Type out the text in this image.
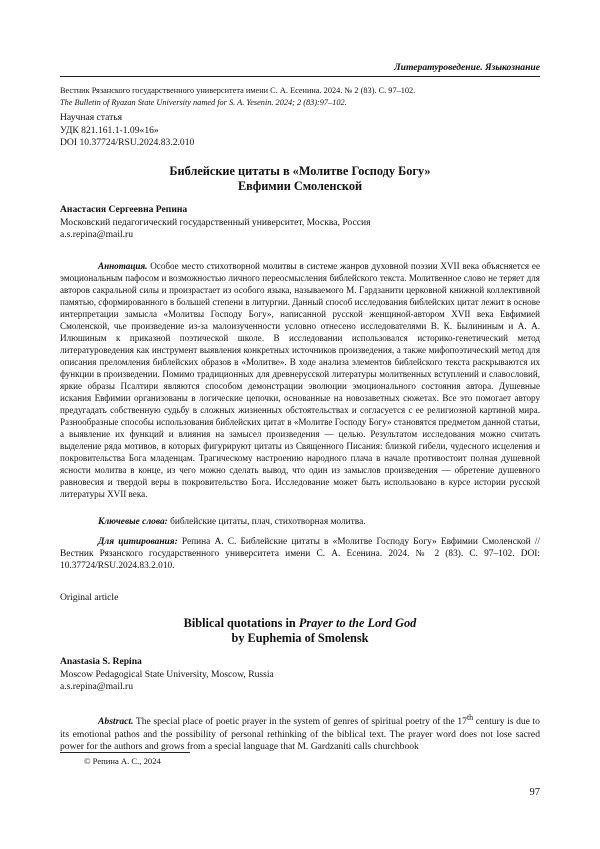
Литературоведение. Языкознание
Вестник Рязанского государственного университета имени С. А. Есенина. 2024. № 2 (83). С. 97–102.
The Bulletin of Ryazan State University named for S. A. Yesenin. 2024; 2 (83):97–102.
Научная статья
УДК 821.161.1-1.09«16»
DOI 10.37724/RSU.2024.83.2.010
Библейские цитаты в «Молитве Господу Богу»
Евфимии Смоленской
Анастасия Сергеевна Репина
Московский педагогический государственный университет, Москва, Россия
a.s.repina@mail.ru

Аннотация. Особое место стихотворной молитвы в системе жанров духовной поэзии XVII века объясняется ее эмоциональным пафосом и возможностью личного переосмысления библейского текста. Молитвенное слово не теряет для авторов сакральной силы и произрастает из особого языка, называемого М. Гардзанити церковной книжной коллективной памятью, сформированного в большей степени в литургии. Данный способ исследования библейских цитат лежит в основе интерпретации замысла «Молитвы Господу Богу», написанной русской женщиной-автором XVII века Евфимией Смоленской, чье произведение из-за малоизученности условно отнесено исследователями В. К. Былининым и А. А. Илюшиным к приказной поэтической школе. В исследовании использовался историко-генетический метод литературоведения как инструмент выявления конкретных источников произведения, а также мифопоэтический метод для описания преломления библейских образов в «Молитве». В ходе анализа элементов библейского текста раскрываются их функции в произведении. Помимо традиционных для древнерусской литературы молитвенных вступлений и славословий, яркие образы Псалтири являются способом демонстрации эволюции эмоционального состояния автора. Душевные искания Евфимии организованы в логические цепочки, основанные на новозаветных сюжетах. Все это помогает автору предугадать собственную судьбу в сложных жизненных обстоятельствах и согласуется с ее религиозной картиной мира. Разнообразные способы использования библейских цитат в «Молитве Господу Богу» становятся предметом данной статьи, а выявление их функций и влияния на замысел произведения — целью. Результатом исследования можно считать выделение ряда мотивов, в которых фигурируют цитаты из Священного Писания: близкой гибели, чудесного исцеления и покровительства Бога младенцам. Трагическому настроению народного плача в начале противостоит полная душевной ясности молитва в конце, из чего можно сделать вывод, что один из замыслов произведения — обретение душевного равновесия и твердой веры в покровительство Бога. Исследование может быть использовано в курсе истории русской литературы XVII века.

Ключевые слова: библейские цитаты, плач, стихотворная молитва.

Для цитирования: Репина А. С. Библейские цитаты в «Молитве Господу Богу» Евфимии Смоленской // Вестник Рязанского государственного университета имени С. А. Есенина. 2024. № 2 (83). С. 97–102. DOI: 10.37724/RSU.2024.83.2.010.

Original article
Biblical quotations in Prayer to the Lord God
by Euphemia of Smolensk
Anastasia S. Repina
Moscow Pedagogical State University, Moscow, Russia
a.s.repina@mail.ru

Abstract. The special place of poetic prayer in the system of genres of spiritual poetry of the 17th century is due to its emotional pathos and the possibility of personal rethinking of the biblical text. The prayer word does not lose sacred power for the authors and grows from a special language that M. Gardzaniti calls churchbook

© Репина А. С., 2024
97
